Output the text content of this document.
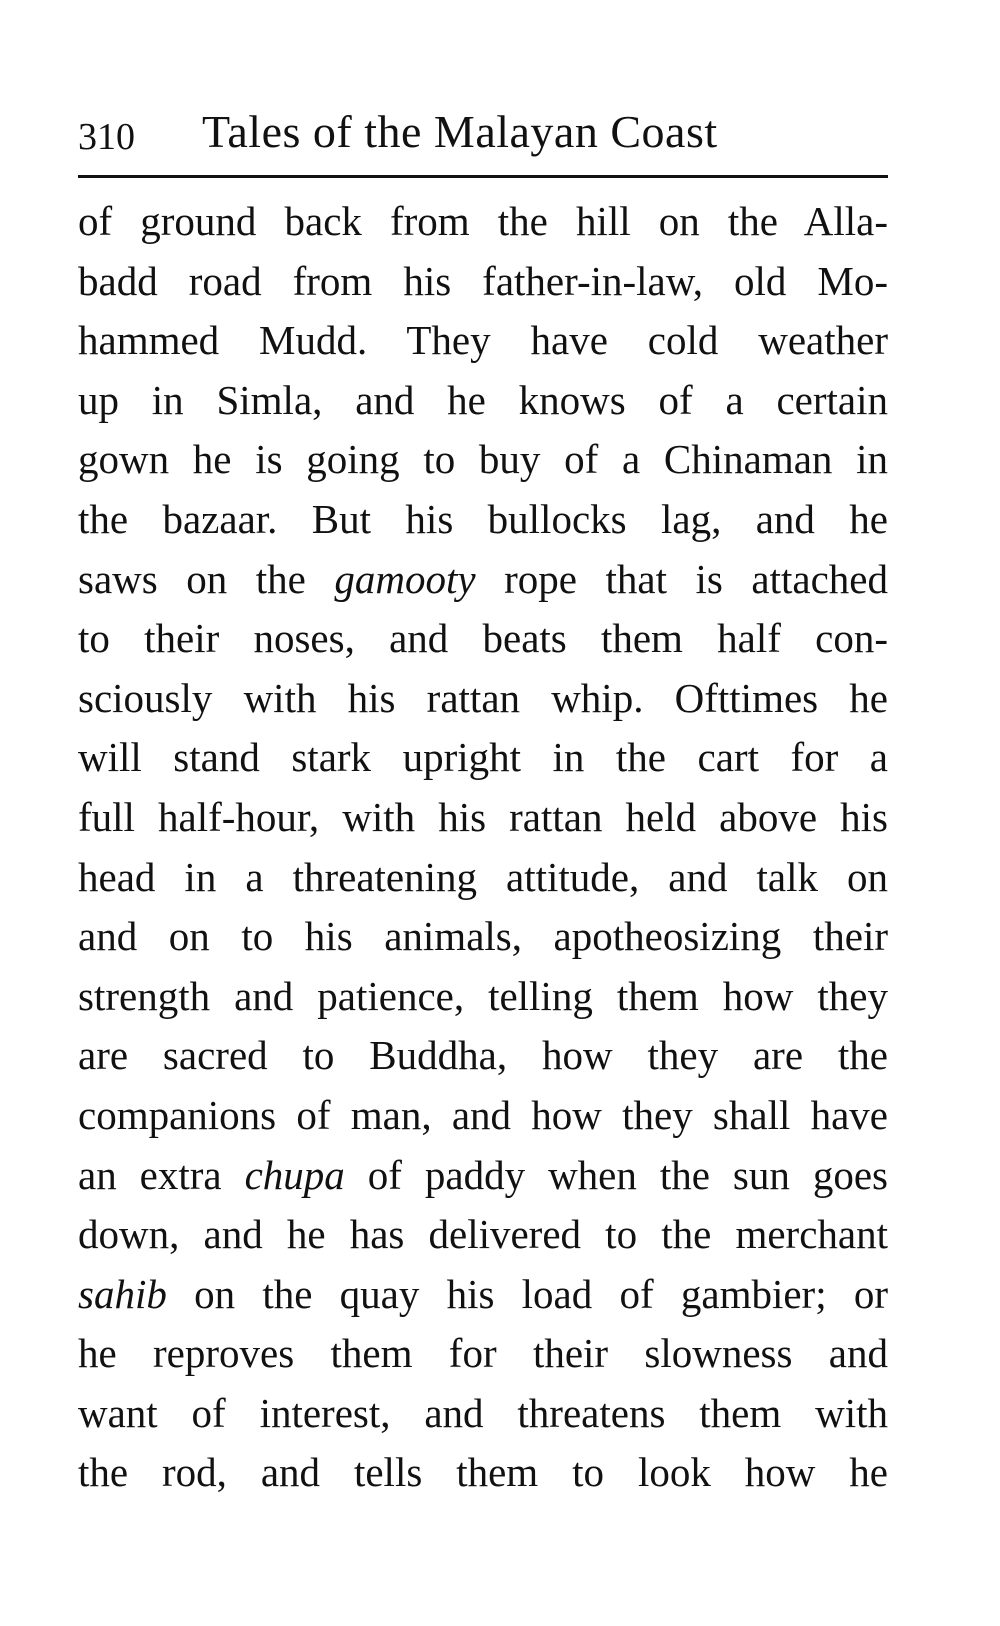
310 Tales of the Malayan Coast
of ground back from the hill on the Alla-
badd road from his father-in-law, old Mo-
hammed Mudd. They have cold weather
up in Simla, and he knows of a certain
gown he is going to buy of a Chinaman in
the bazaar. But his bullocks lag, and he
saws on the gamooty rope that is attached
to their noses, and beats them half con-
sciously with his rattan whip. Ofttimes he
will stand stark upright in the cart for a
full half-hour, with his rattan held above his
head in a threatening attitude, and talk on
and on to his animals, apotheosizing their
strength and patience, telling them how they
are sacred to Buddha, how they are the
companions of man, and how they shall have
an extra chupa of paddy when the sun goes
down, and he has delivered to the merchant
sahib on the quay his load of gambier; or
he reproves them for their slowness and
want of interest, and threatens them with
the rod, and tells them to look how he
